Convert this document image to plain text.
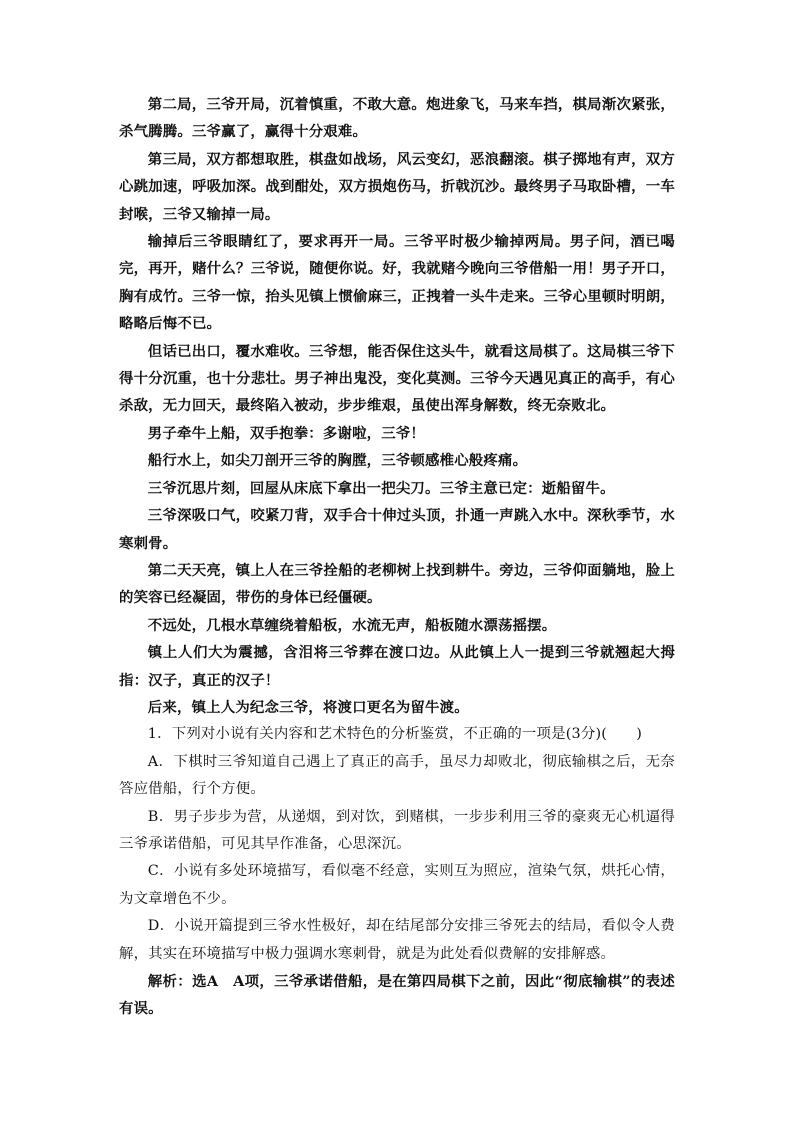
第二局，三爷开局，沉着慎重，不敢大意。炮进象飞，马来车挡，棋局渐次紧张，杀气腾腾。三爷赢了，赢得十分艰难。

第三局，双方都想取胜，棋盘如战场，风云变幻，恶浪翻滚。棋子掷地有声，双方心跳加速，呼吸加深。战到酣处，双方损炮伤马，折戟沉沙。最终男子马取卧槽，一车封喉，三爷又输掉一局。

输掉后三爷眼睛红了，要求再开一局。三爷平时极少输掉两局。男子问，酒已喝完，再开，赌什么？三爷说，随便你说。好，我就赌今晚向三爷借船一用！男子开口，胸有成竹。三爷一惊，抬头见镇上惯偷麻三，正拽着一头牛走来。三爷心里顿时明朗，略略后悔不已。

但话已出口，覆水难收。三爷想，能否保住这头牛，就看这局棋了。这局棋三爷下得十分沉重，也十分悲壮。男子神出鬼没，变化莫测。三爷今天遇见真正的高手，有心杀敌，无力回天，最终陷入被动，步步维艰，虽使出浑身解数，终无奈败北。

男子牵牛上船，双手抱拳：多谢啦，三爷！

船行水上，如尖刀剖开三爷的胸膛，三爷顿感椎心般疼痛。

三爷沉思片刻，回屋从床底下拿出一把尖刀。三爷主意已定：逝船留牛。

三爷深吸口气，咬紧刀背，双手合十伸过头顶，扑通一声跳入水中。深秋季节，水寒刺骨。

第二天天亮，镇上人在三爷拴船的老柳树上找到耕牛。旁边，三爷仰面躺地，脸上的笑容已经凝固，带伤的身体已经僵硬。

不远处，几根水草缠绕着船板，水流无声，船板随水漂荡摇摆。

镇上人们大为震撼，含泪将三爷葬在渡口边。从此镇上人一提到三爷就翘起大拇指：汉子，真正的汉子！

后来，镇上人为纪念三爷，将渡口更名为留牛渡。

1．下列对小说有关内容和艺术特色的分析鉴赏，不正确的一项是(3分)(　　)

A．下棋时三爷知道自己遇上了真正的高手，虽尽力却败北，彻底输棋之后，无奈答应借船，行个方便。

B．男子步步为营，从递烟，到对饮，到赌棋，一步步利用三爷的豪爽无心机逼得三爷承诺借船，可见其早作准备，心思深沉。

C．小说有多处环境描写，看似毫不经意，实则互为照应，渲染气氛，烘托心情，为文章增色不少。

D．小说开篇提到三爷水性极好，却在结尾部分安排三爷死去的结局，看似令人费解，其实在环境描写中极力强调水寒刺骨，就是为此处看似费解的安排解惑。

解析：选A　A项，三爷承诺借船，是在第四局棋下之前，因此“彻底输棋”的表述有误。
